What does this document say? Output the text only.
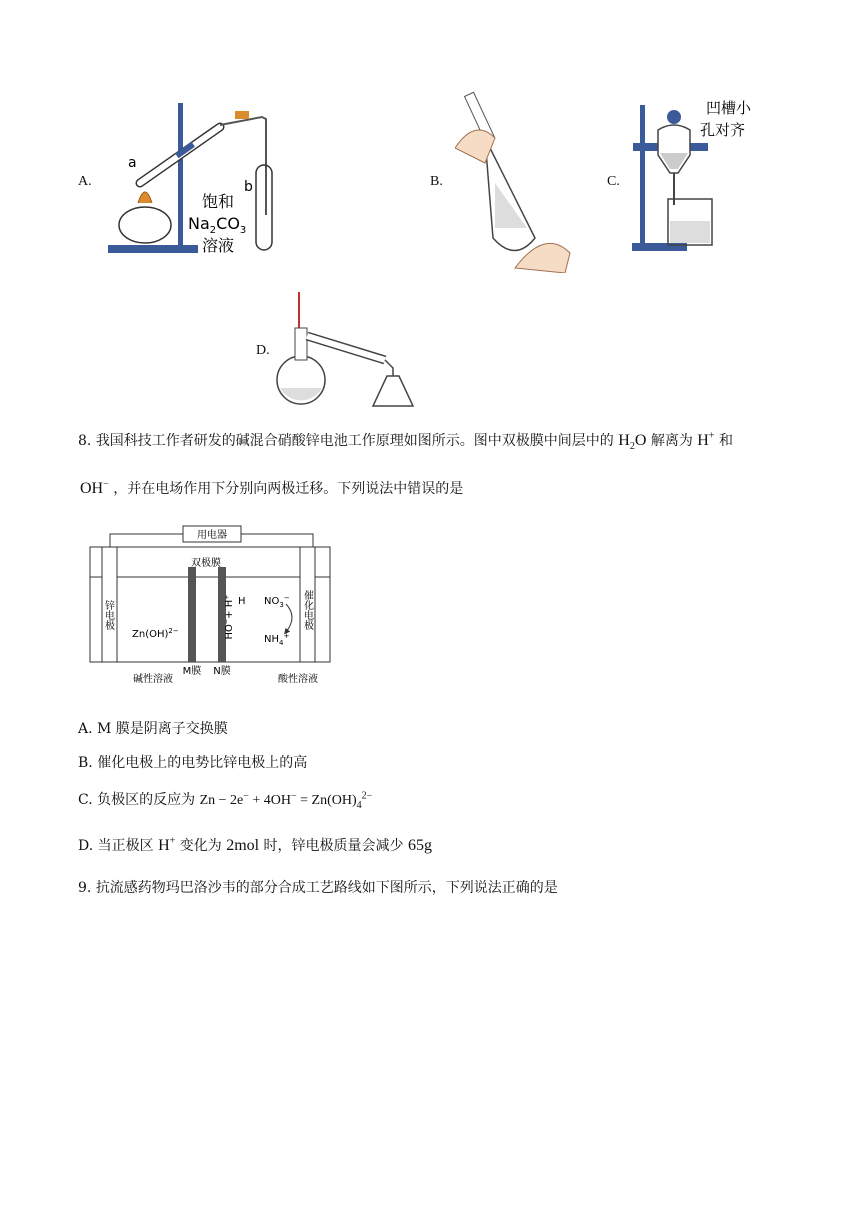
A.
a
b
饱和
$Na_2CO_3$
溶液
B.	C.
凹槽小
孔对齐
D.
8. 我国科技工作者研发的碱混合硝酸锌电池工作原理如图所示。图中双极膜中间层中的 $H_2O$ 解离为 H+ 和
OH− ，并在电场作用下分别向两极迁移。下列说法中错误的是
用电器
双极膜
锌电极	催化电极
Zn(OH)$^{2-}$	HO⁻+ H⁺ H $NO_3^-$
$NH_4^+$
M膜 N膜
碱性溶液	酸性溶液
A. M 膜是阴离子交换膜
B. 催化电极上的电势比锌电极上的高
C. 负极区的反应为 $Zn - 2e^- + 4OH^- = Zn(OH)_4^{2-}$
D. 当正极区 H+ 变化为 2mol 时，锌电极质量会减少 65g
9. 抗流感药物玛巴洛沙韦的部分合成工艺路线如下图所示，下列说法正确的是
